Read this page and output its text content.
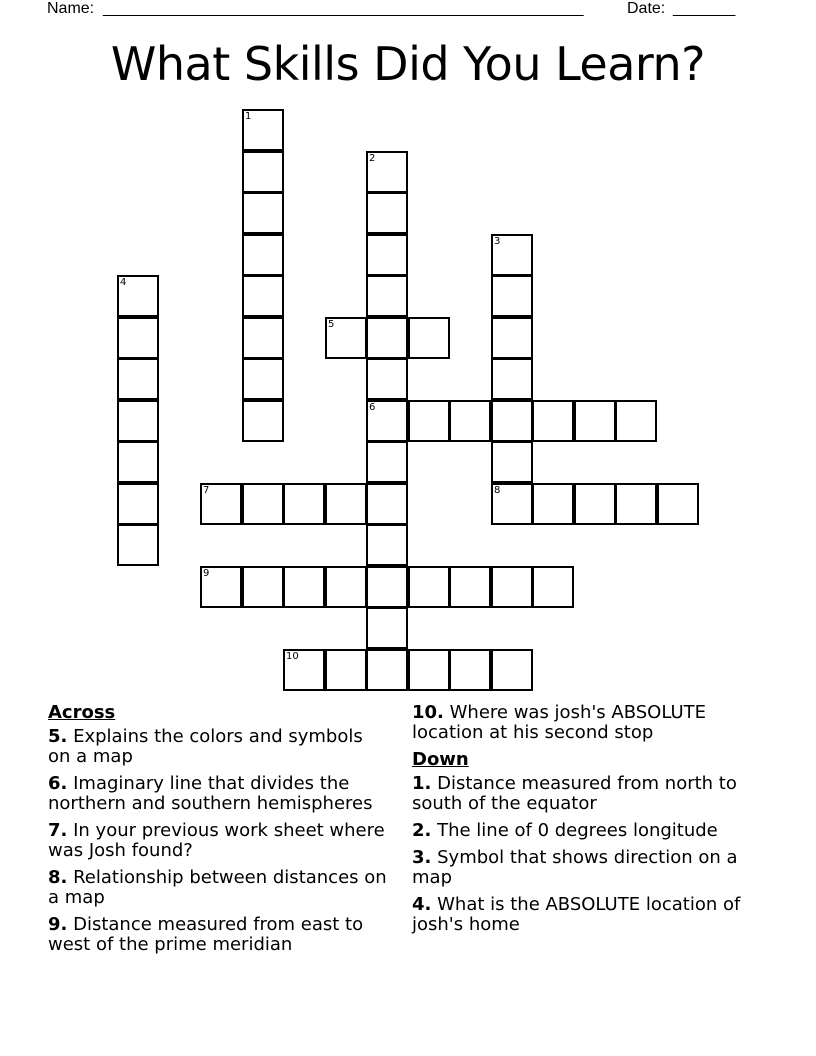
Name: ______________________________________________________	Date: _______
What Skills Did You Learn?
1
2
6
3
8
4
5
7
9
10
Across
5. Explains the colors and symbols on a map
6. Imaginary line that divides the northern and southern hemispheres
7. In your previous work sheet where was Josh found?
8. Relationship between distances on a map
9. Distance measured from east to west of the prime meridian
10. Where was josh's ABSOLUTE location at his second stop
Down
1. Distance measured from north to south of the equator
2. The line of 0 degrees longitude
3. Symbol that shows direction on a map
4. What is the ABSOLUTE location of josh's home
